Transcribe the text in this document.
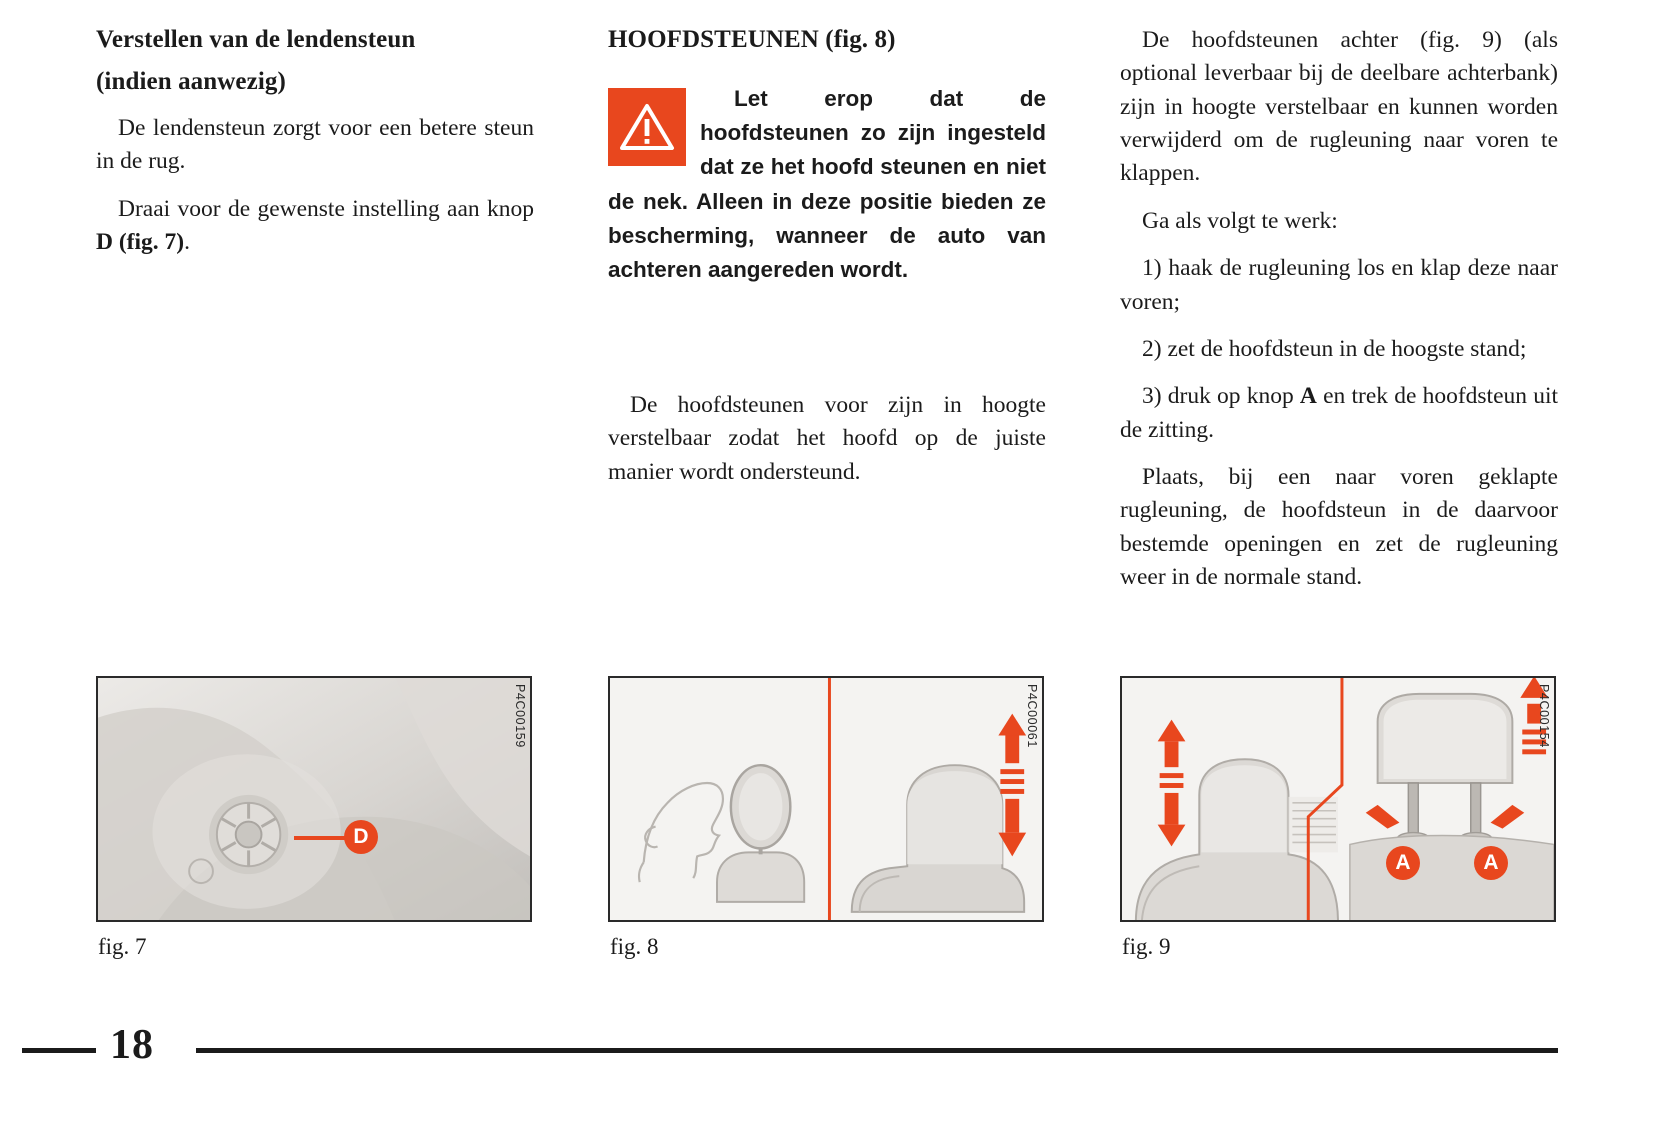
Verstellen van de lendensteun
(indien aanwezig)

De lendensteun zorgt voor een betere steun in de rug.

Draai voor de gewenste instelling aan knop D (fig. 7).

HOOFDSTEUNEN (fig. 8)
Let erop dat de hoofdsteunen zo zijn ingesteld dat ze het hoofd steunen en niet de nek. Alleen in deze positie bieden ze bescherming, wanneer de auto van achteren aangereden wordt.

De hoofdsteunen voor zijn in hoogte verstelbaar zodat het hoofd op de juiste manier wordt ondersteund.

De hoofdsteunen achter (fig. 9) (als optional leverbaar bij de deelbare achterbank) zijn in hoogte verstelbaar en kunnen worden verwijderd om de rugleuning naar voren te klappen.

Ga als volgt te werk:

1) haak de rugleuning los en klap deze naar voren;

2) zet de hoofdsteun in de hoogste stand;

3) druk op knop A en trek de hoofdsteun uit de zitting.

Plaats, bij een naar voren geklapte rugleuning, de hoofdsteun in de daarvoor bestemde openingen en zet de rugleuning weer in de normale stand.

D
P4C00159
fig. 7
P4C00061
fig. 8
A	A
P4C00154
fig. 9
18
